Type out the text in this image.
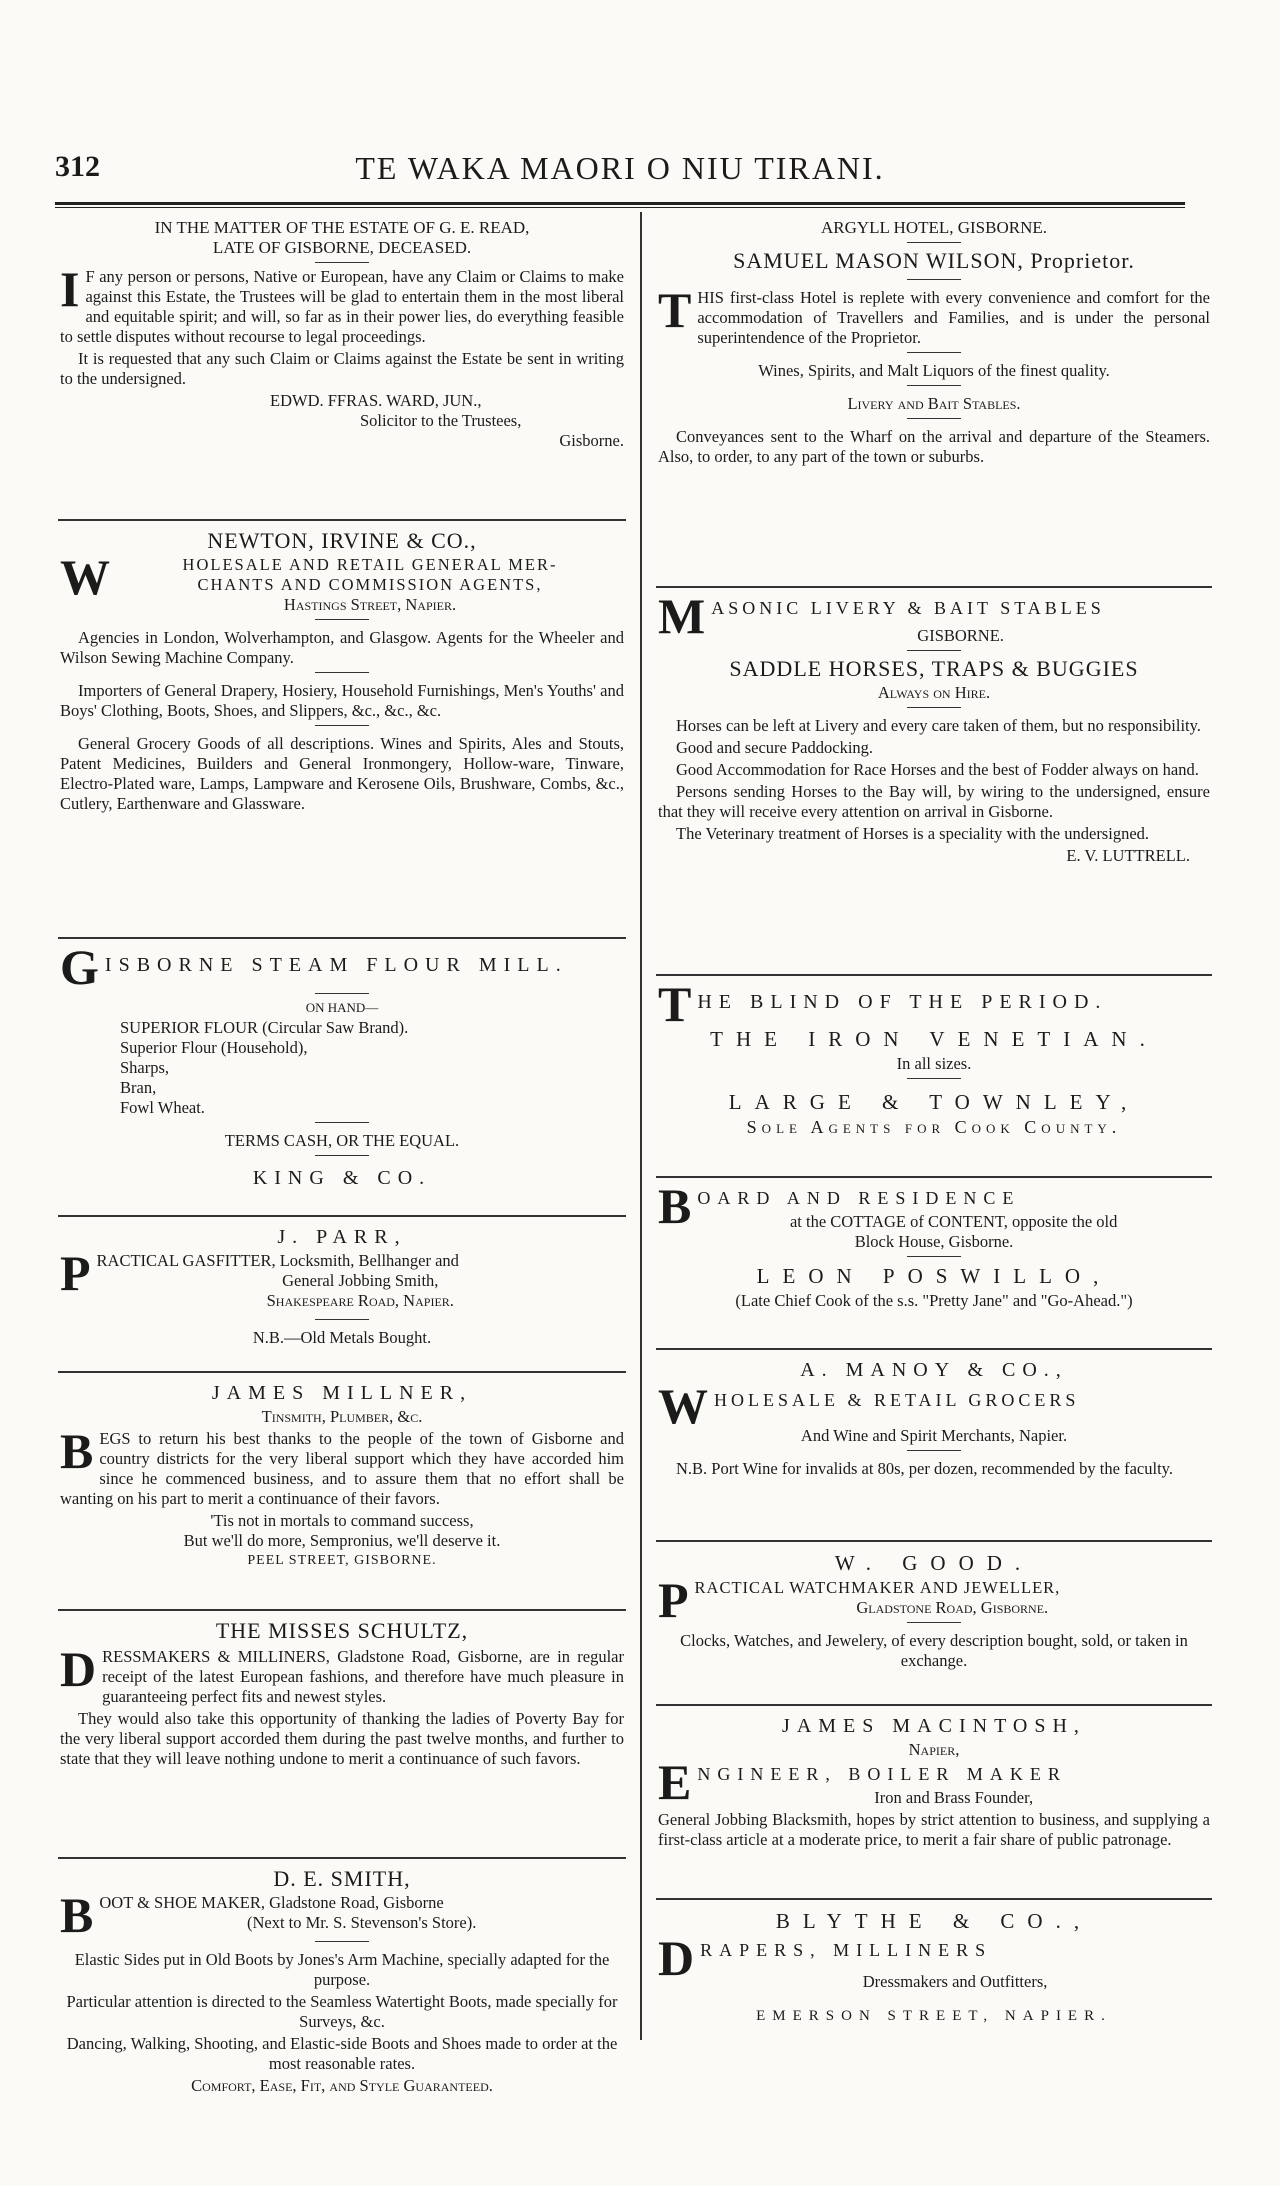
312	TE WAKA MAORI O NIU TIRANI.
IN THE MATTER OF THE ESTATE OF G. E. READ,
LATE OF GISBORNE, DECEASED.

I F any person or persons, Native or European, have any Claim or Claims to make against this Estate, the Trustees will be glad to entertain them in the most liberal and equitable spirit; and will, so far as in their power lies, do everything feasible to settle disputes without recourse to legal proceedings.

It is requested that any such Claim or Claims against the Estate be sent in writing to the undersigned.

EDWD. FFRAS. WARD, JUN.,
Solicitor to the Trustees,
Gisborne.
NEWTON, IRVINE & CO.,
W	HOLESALE AND RETAIL GENERAL MER-
CHANTS AND COMMISSION AGENTS,
Hastings Street, Napier.

Agencies in London, Wolverhampton, and Glasgow. Agents for the Wheeler and Wilson Sewing Machine Company.

Importers of General Drapery, Hosiery, Household Furnishings, Men's Youths' and Boys' Clothing, Boots, Shoes, and Slippers, &c., &c., &c.

General Grocery Goods of all descriptions. Wines and Spirits, Ales and Stouts, Patent Medicines, Builders and General Ironmongery, Hollow-ware, Tinware, Electro-Plated ware, Lamps, Lampware and Kerosene Oils, Brushware, Combs, &c., Cutlery, Earthenware and Glassware.

G ISBORNE STEAM FLOUR MILL.
ON HAND—
SUPERIOR FLOUR (Circular Saw Brand).
Superior Flour (Household),
Sharps,
Bran,
Fowl Wheat.
TERMS CASH, OR THE EQUAL.
KING & CO.
J. PARR,
P RACTICAL GASFITTER, Locksmith, Bellhanger and
General Jobbing Smith,
Shakespeare Road, Napier.
N.B.—Old Metals Bought.
JAMES MILLNER,
Tinsmith, Plumber, &c.

BEGS to return his best thanks to the people of the town of Gisborne and country districts for the very liberal support which they have accorded him since he commenced business, and to assure them that no effort shall be wanting on his part to merit a continuance of their favors.

'Tis not in mortals to command success,
But we'll do more, Sempronius, we'll deserve it.
PEEL STREET, GISBORNE.
THE MISSES SCHULTZ,

DRESSMAKERS & MILLINERS, Gladstone Road, Gisborne, are in regular receipt of the latest European fashions, and therefore have much pleasure in guaranteeing perfect fits and newest styles.

They would also take this opportunity of thanking the ladies of Poverty Bay for the very liberal support accorded them during the past twelve months, and further to state that they will leave nothing undone to merit a continuance of such favors.

D. E. SMITH,
B OOT & SHOE MAKER, Gladstone Road, Gisborne
(Next to Mr. S. Stevenson's Store).

Elastic Sides put in Old Boots by Jones's Arm Machine, specially adapted for the purpose.

Particular attention is directed to the Seamless Watertight Boots, made specially for Surveys, &c.

Dancing, Walking, Shooting, and Elastic-side Boots and Shoes made to order at the most reasonable rates.

Comfort, Ease, Fit, and Style Guaranteed.
ARGYLL HOTEL, GISBORNE.
SAMUEL MASON WILSON, Proprietor.

THIS first-class Hotel is replete with every convenience and comfort for the accommodation of Travellers and Families, and is under the personal superintendence of the Proprietor.

Wines, Spirits, and Malt Liquors of the finest quality.

Livery and Bait Stables.

Conveyances sent to the Wharf on the arrival and departure of the Steamers. Also, to order, to any part of the town or suburbs.

M ASONIC LIVERY & BAIT STABLES
GISBORNE.
SADDLE HORSES, TRAPS & BUGGIES
Always on Hire.

Horses can be left at Livery and every care taken of them, but no responsibility.

Good and secure Paddocking.

Good Accommodation for Race Horses and the best of Fodder always on hand.

Persons sending Horses to the Bay will, by wiring to the undersigned, ensure that they will receive every attention on arrival in Gisborne.

The Veterinary treatment of Horses is a speciality with the undersigned.

E. V. LUTTRELL.
T HE BLIND OF THE PERIOD.
THE IRON VENETIAN.
In all sizes.
LARGE & TOWNLEY,
Sole Agents for Cook County.
B OARD AND RESIDENCE
at the COTTAGE of CONTENT, opposite the old
Block House, Gisborne.
LEON POSWILLO,
(Late Chief Cook of the s.s. "Pretty Jane" and "Go-Ahead.")
A. MANOY & CO.,
W HOLESALE & RETAIL GROCERS
And Wine and Spirit Merchants, Napier.

N.B. Port Wine for invalids at 80s, per dozen, recommended by the faculty.

W. GOOD.
P RACTICAL WATCHMAKER AND JEWELLER,
Gladstone Road, Gisborne.

Clocks, Watches, and Jewelery, of every description bought, sold, or taken in exchange.

JAMES MACINTOSH,
Napier,
E NGINEER, BOILER MAKER
Iron and Brass Founder,

General Jobbing Blacksmith, hopes by strict attention to business, and supplying a first-class article at a moderate price, to merit a fair share of public patronage.

BLYTHE & CO.,
D RAPERS, MILLINERS
Dressmakers and Outfitters,
EMERSON STREET, NAPIER.
